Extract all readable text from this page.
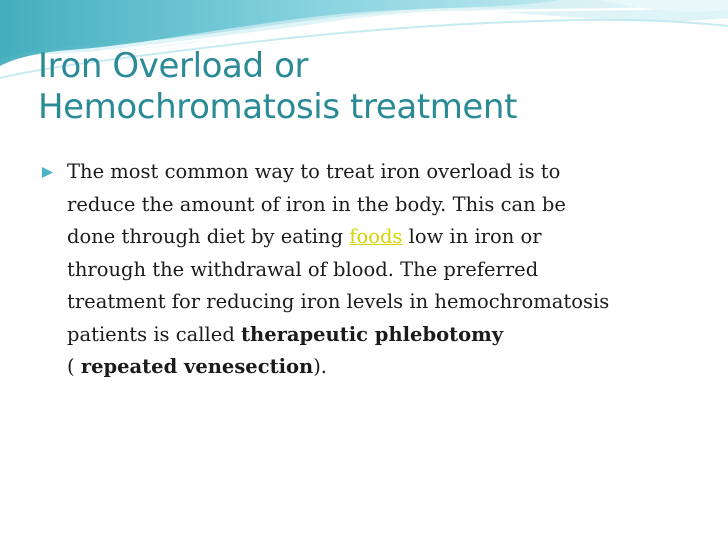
Iron Overload or
Hemochromatosis treatment

The most common way to treat iron overload is to
reduce the amount of iron in the body. This can be
done through diet by eating foods low in iron or
through the withdrawal of blood. The preferred
treatment for reducing iron levels in hemochromatosis
patients is called therapeutic phlebotomy
( repeated venesection).
